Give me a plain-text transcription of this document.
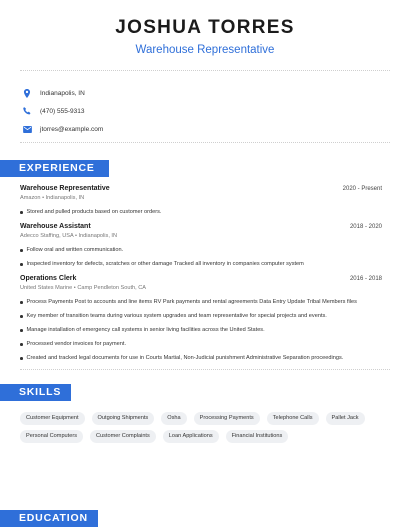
JOSHUA TORRES
Warehouse Representative
Indianapolis, IN
(470) 555-9313
jtorres@example.com
EXPERIENCE
Warehouse Representative	2020 - Present
Amazon • Indianapolis, IN
Stored and pulled products based on customer orders.
Warehouse Assistant	2018 - 2020
Adecco Staffing, USA • Indianapolis, IN
Follow oral and written communication.
Inspected inventory for defects, scratches or other damage Tracked all inventory in companies computer system
Operations Clerk	2016 - 2018
United States Marine • Camp Pendleton South, CA
Process Payments Post to accounts and line items RV Park payments and rental agreements Data Entry Update Tribal Members files
Key member of transition teams during various system upgrades and team representative for special projects and events.
Manage installation of emergency call systems in senior living facilities across the United States.
Processed vendor invoices for payment.
Created and tracked legal documents for use in Courts Martial, Non-Judicial punishment Administrative Separation proceedings.
SKILLS
Customer Equipment	Outgoing Shipments	Osha	Processing Payments	Telephone Calls	Pallet Jack
Personal Computers	Customer Complaints	Loan Applications	Financial Institutions
EDUCATION
